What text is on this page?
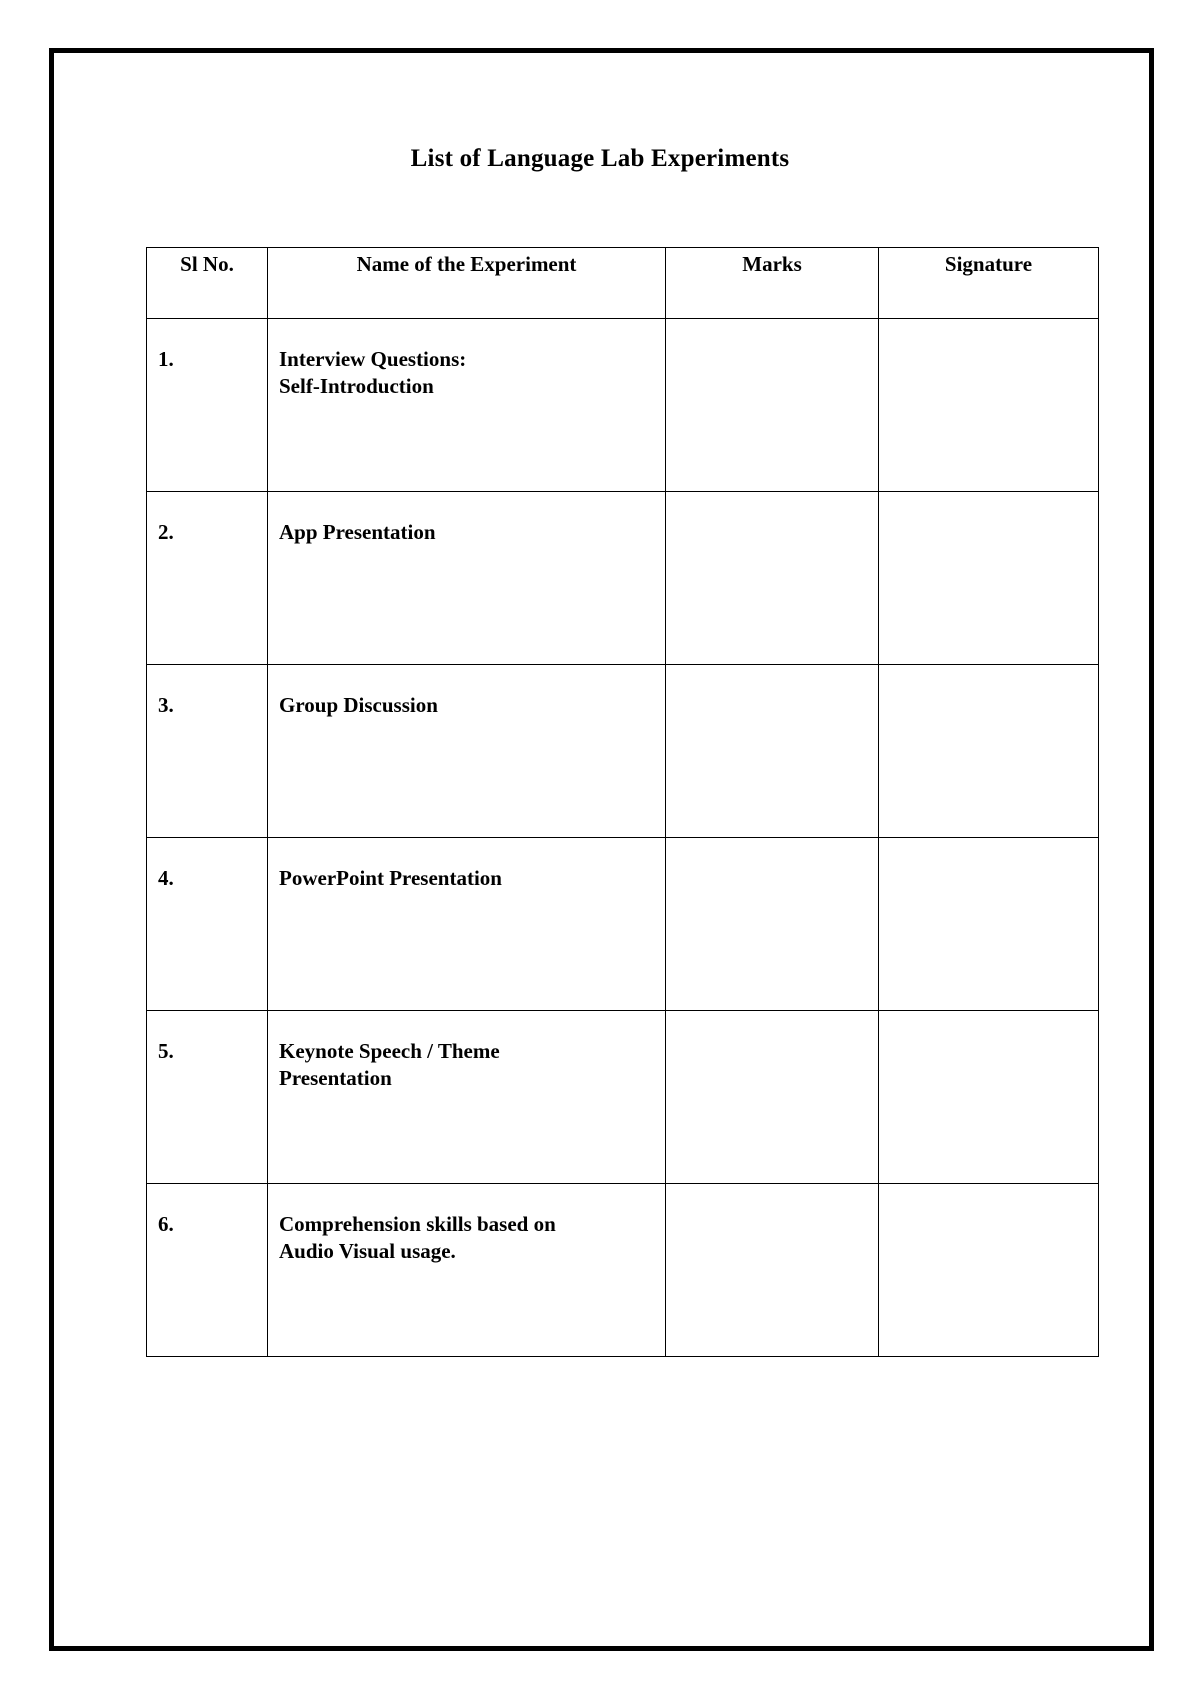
List of Language Lab Experiments
Sl No.	Name of the Experiment	Marks	Signature
1.	Interview Questions:
Self-Introduction		
2.	App Presentation		
3.	Group Discussion		
4.	PowerPoint Presentation		
5.	Keynote Speech / Theme
Presentation		
6.	Comprehension skills based on
Audio Visual usage.		
